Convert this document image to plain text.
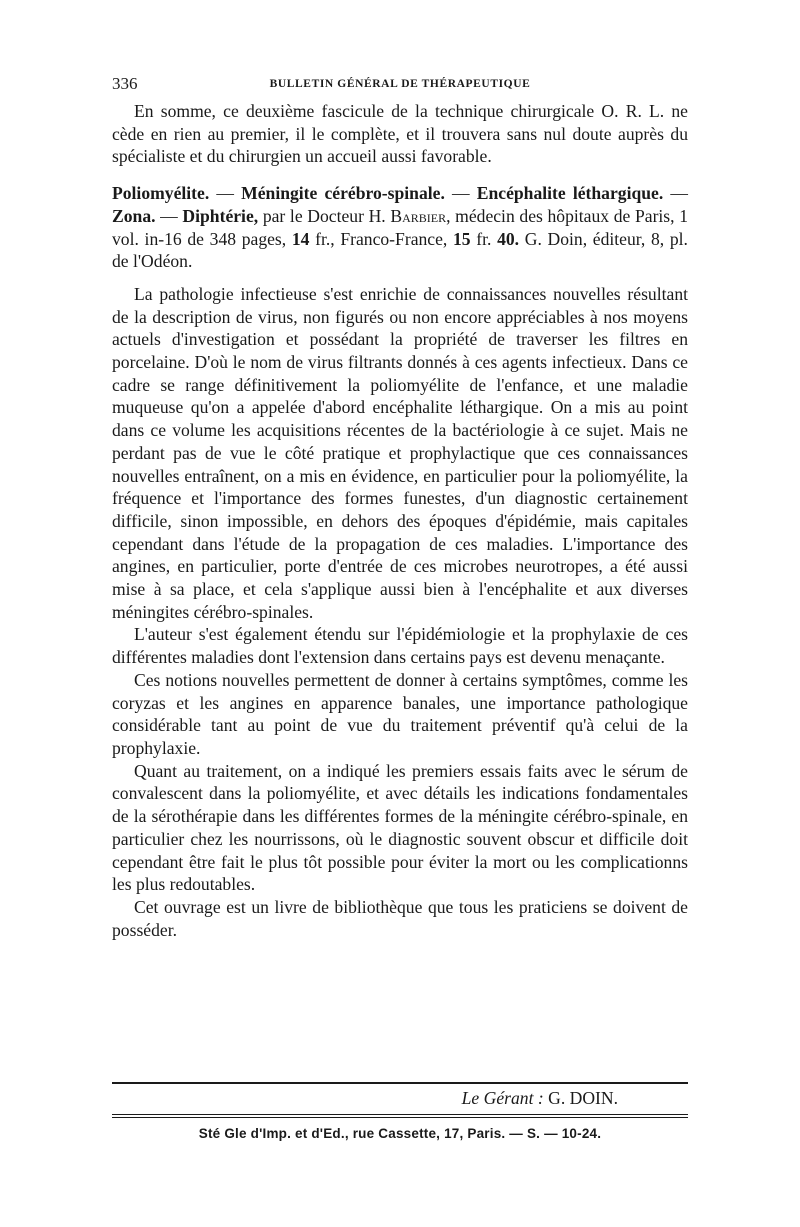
336	BULLETIN GÉNÉRAL DE THÉRAPEUTIQUE

En somme, ce deuxième fascicule de la technique chirurgicale O. R. L. ne cède en rien au premier, il le complète, et il trouvera sans nul doute auprès du spécialiste et du chirurgien un accueil aussi favorable.

Poliomyélite. — Méningite cérébro-spinale. — Encéphalite léthargique. — Zona. — Diphtérie, par le Docteur H. Barbier, médecin des hôpitaux de Paris, 1 vol. in-16 de 348 pages, 14 fr., Franco-France, 15 fr. 40. G. Doin, éditeur, 8, pl. de l'Odéon.

La pathologie infectieuse s'est enrichie de connaissances nouvelles résultant de la description de virus, non figurés ou non encore appréciables à nos moyens actuels d'investigation et possédant la propriété de traverser les filtres en porcelaine. D'où le nom de virus filtrants donnés à ces agents infectieux. Dans ce cadre se range définitivement la poliomyélite de l'enfance, et une maladie muqueuse qu'on a appelée d'abord encéphalite léthargique. On a mis au point dans ce volume les acquisitions récentes de la bactériologie à ce sujet. Mais ne perdant pas de vue le côté pratique et prophylactique que ces connaissances nouvelles entraînent, on a mis en évidence, en particulier pour la poliomyélite, la fréquence et l'importance des formes funestes, d'un diagnostic certainement difficile, sinon impossible, en dehors des époques d'épidémie, mais capitales cependant dans l'étude de la propagation de ces maladies. L'importance des angines, en particulier, porte d'entrée de ces microbes neurotropes, a été aussi mise à sa place, et cela s'applique aussi bien à l'encéphalite et aux diverses méningites cérébro-spinales.

L'auteur s'est également étendu sur l'épidémiologie et la prophylaxie de ces différentes maladies dont l'extension dans certains pays est devenu menaçante.

Ces notions nouvelles permettent de donner à certains symptômes, comme les coryzas et les angines en apparence banales, une importance pathologique considérable tant au point de vue du traitement préventif qu'à celui de la prophylaxie.

Quant au traitement, on a indiqué les premiers essais faits avec le sérum de convalescent dans la poliomyélite, et avec détails les indications fondamentales de la sérothérapie dans les différentes formes de la méningite cérébro-spinale, en particulier chez les nourrissons, où le diagnostic souvent obscur et difficile doit cependant être fait le plus tôt possible pour éviter la mort ou les complicationns les plus redoutables.

Cet ouvrage est un livre de bibliothèque que tous les praticiens se doivent de posséder.

Le Gérant : G. DOIN.
Sté Gle d'Imp. et d'Ed., rue Cassette, 17, Paris. — S. — 10-24.
